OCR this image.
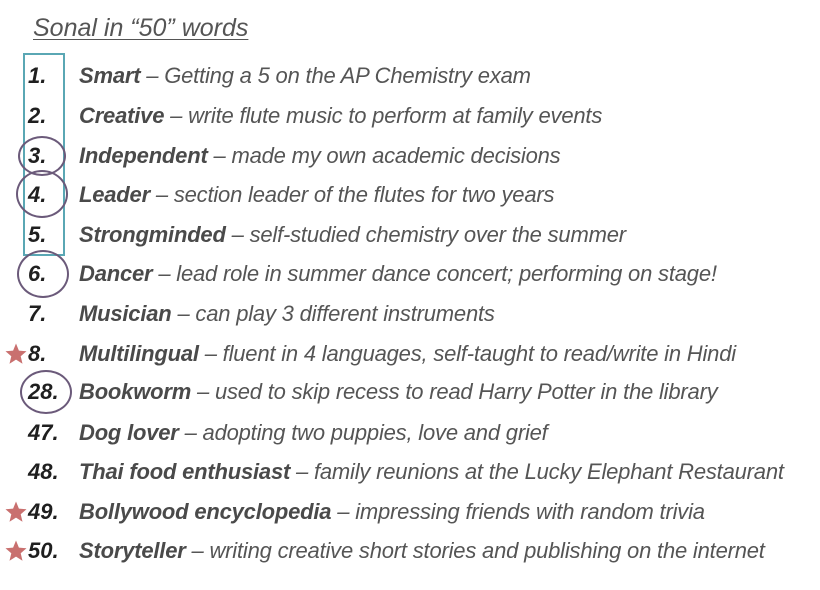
Sonal in “50” words
1.	Smart – Getting a 5 on the AP Chemistry exam
2.	Creative – write flute music to perform at family events
3.	Independent – made my own academic decisions
4.	Leader – section leader of the flutes for two years
5.	Strongminded – self-studied chemistry over the summer
6.	Dancer – lead role in summer dance concert; performing on stage!
7.	Musician – can play 3 different instruments
8.	Multilingual – fluent in 4 languages, self-taught to read/write in Hindi
28. Bookworm – used to skip recess to read Harry Potter in the library
47. Dog lover – adopting two puppies, love and grief
48. Thai food enthusiast – family reunions at the Lucky Elephant Restaurant
49. Bollywood encyclopedia – impressing friends with random trivia
50. Storyteller – writing creative short stories and publishing on the internet
